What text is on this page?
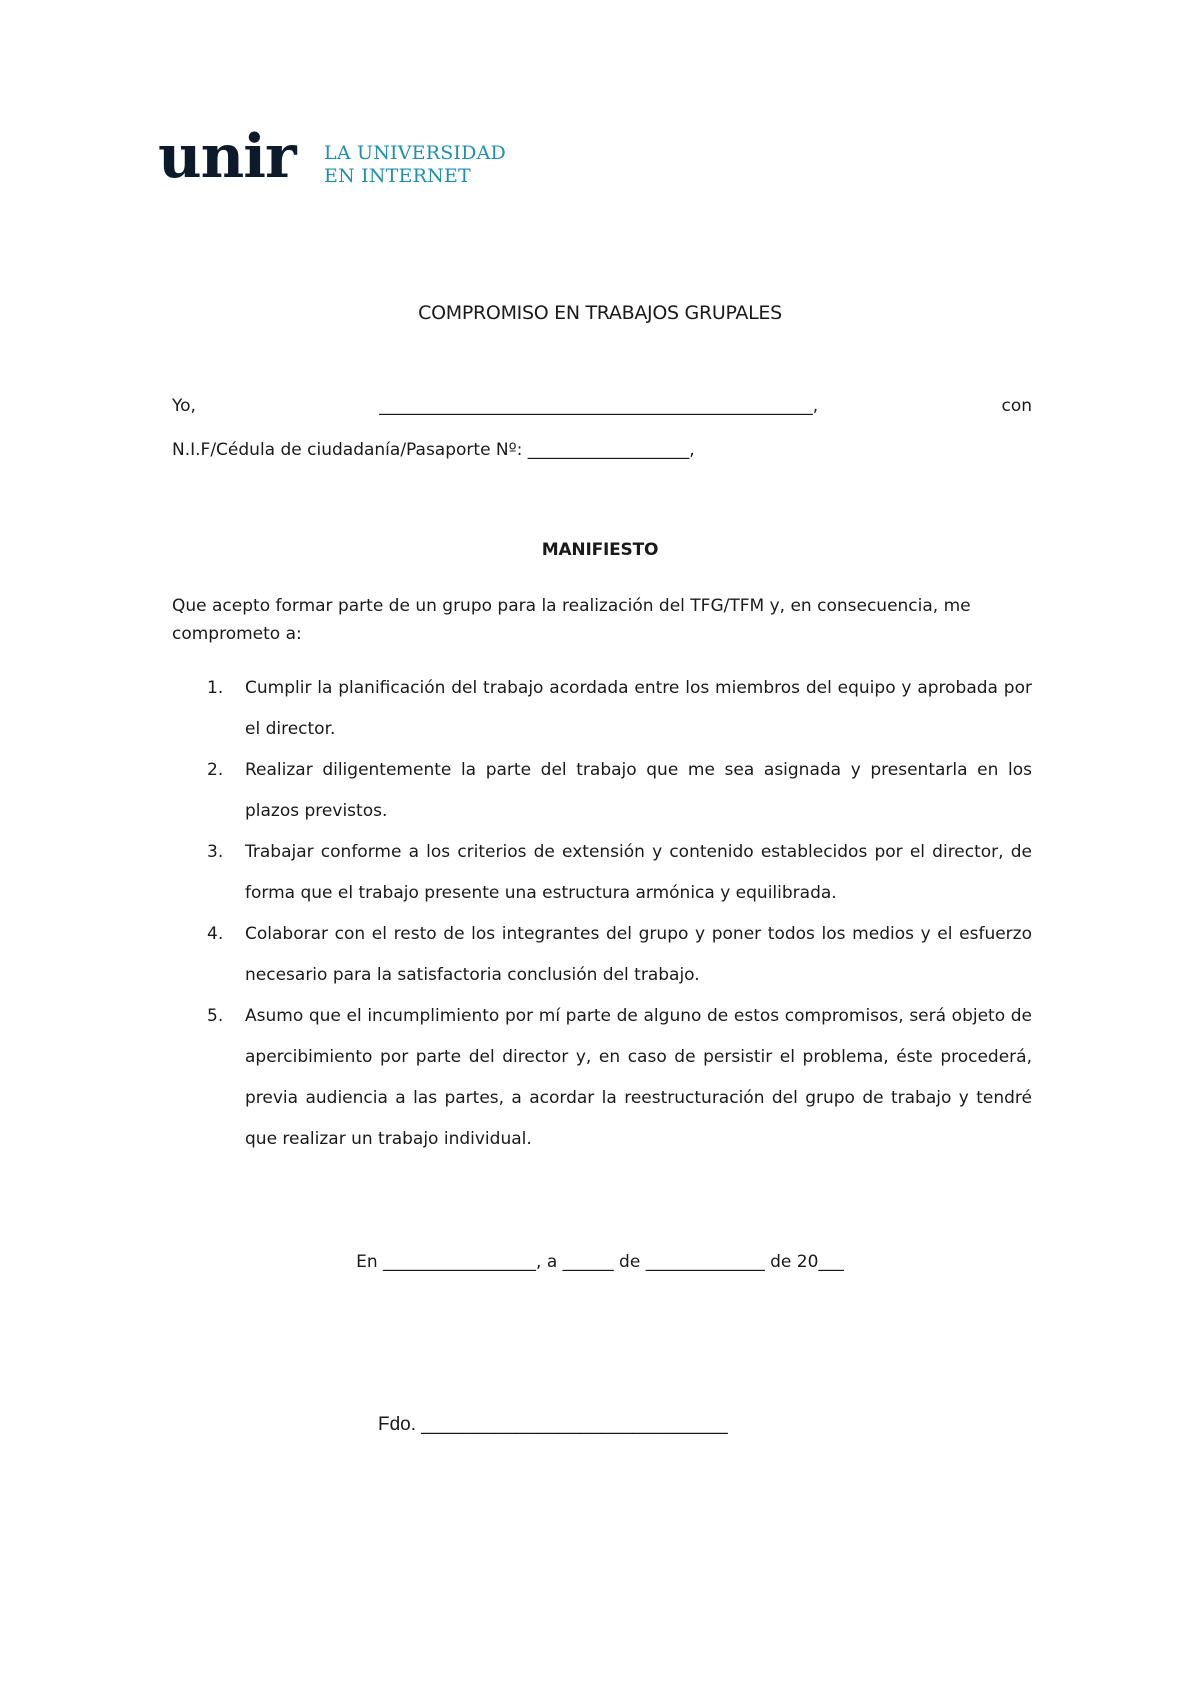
unir LA UNIVERSIDAD
EN INTERNET
COMPROMISO EN TRABAJOS GRUPALES
Yo,	___________________________________________________,	con
N.I.F/Cédula de ciudadanía/Pasaporte Nº: ___________________,
MANIFIESTO
Que acepto formar parte de un grupo para la realización del TFG/TFM y, en consecuencia, me comprometo a:
1. Cumplir la planificación del trabajo acordada entre los miembros del equipo y aprobada por el director.
2. Realizar diligentemente la parte del trabajo que me sea asignada y presentarla en los plazos previstos.
3. Trabajar conforme a los criterios de extensión y contenido establecidos por el director, de forma que el trabajo presente una estructura armónica y equilibrada.
4. Colaborar con el resto de los integrantes del grupo y poner todos los medios y el esfuerzo necesario para la satisfactoria conclusión del trabajo.
5. Asumo que el incumplimiento por mí parte de alguno de estos compromisos, será objeto de apercibimiento por parte del director y, en caso de persistir el problema, éste procederá, previa audiencia a las partes, a acordar la reestructuración del grupo de trabajo y tendré que realizar un trabajo individual.
En __________________, a ______ de ______________ de 20___
Fdo. _____________________________
